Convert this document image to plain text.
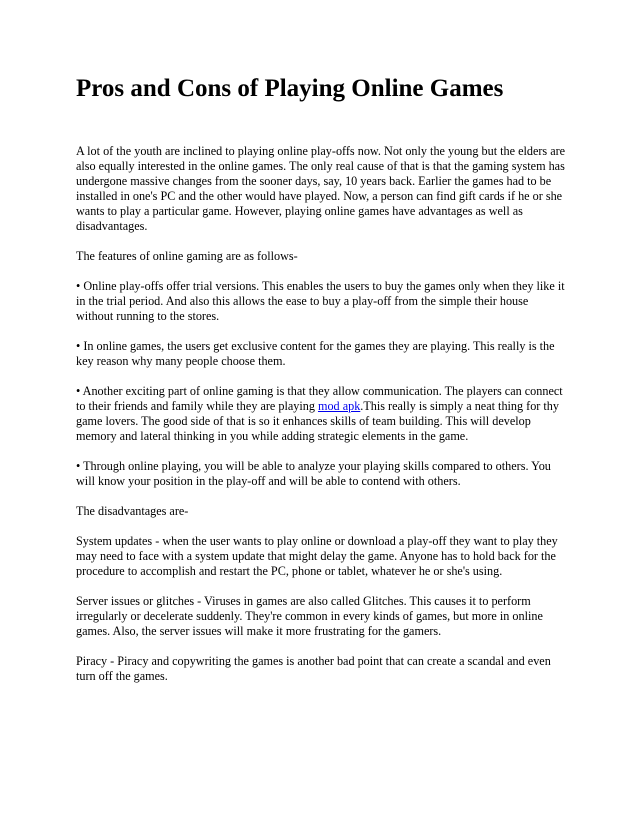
Pros and Cons of Playing Online Games

A lot of the youth are inclined to playing online play-offs now. Not only the young but the elders are also equally interested in the online games. The only real cause of that is that the gaming system has undergone massive changes from the sooner days, say, 10 years back. Earlier the games had to be installed in one's PC and the other would have played. Now, a person can find gift cards if he or she wants to play a particular game. However, playing online games have advantages as well as disadvantages.

The features of online gaming are as follows-

• Online play-offs offer trial versions. This enables the users to buy the games only when they like it in the trial period. And also this allows the ease to buy a play-off from the simple their house without running to the stores.

• In online games, the users get exclusive content for the games they are playing. This really is the key reason why many people choose them.

• Another exciting part of online gaming is that they allow communication. The players can connect to their friends and family while they are playing mod apk.This really is simply a neat thing for thy game lovers. The good side of that is so it enhances skills of team building. This will develop memory and lateral thinking in you while adding strategic elements in the game.

• Through online playing, you will be able to analyze your playing skills compared to others. You will know your position in the play-off and will be able to contend with others.

The disadvantages are-

System updates - when the user wants to play online or download a play-off they want to play they may need to face with a system update that might delay the game. Anyone has to hold back for the procedure to accomplish and restart the PC, phone or tablet, whatever he or she's using.

Server issues or glitches - Viruses in games are also called Glitches. This causes it to perform irregularly or decelerate suddenly. They're common in every kinds of games, but more in online games. Also, the server issues will make it more frustrating for the gamers.

Piracy - Piracy and copywriting the games is another bad point that can create a scandal and even turn off the games.
